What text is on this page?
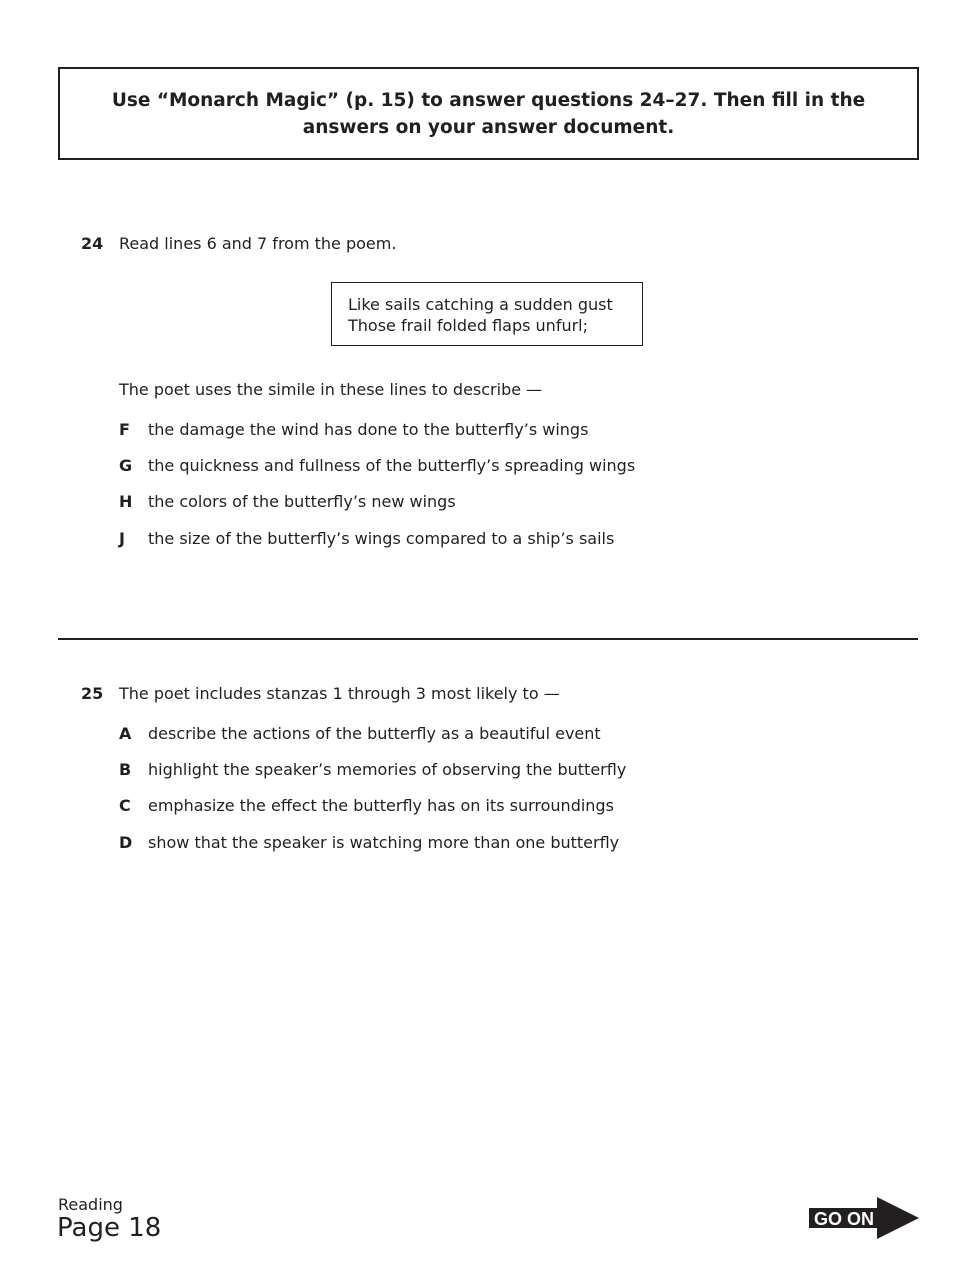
Use “Monarch Magic” (p. 15) to answer questions 24–27. Then fill in the
answers on your answer document.
24 Read lines 6 and 7 from the poem.
Like sails catching a sudden gust
Those frail folded flaps unfurl;
The poet uses the simile in these lines to describe —
F the damage the wind has done to the butterfly’s wings
G the quickness and fullness of the butterfly’s spreading wings
H the colors of the butterfly’s new wings
J the size of the butterfly’s wings compared to a ship’s sails
25 The poet includes stanzas 1 through 3 most likely to —
A describe the actions of the butterfly as a beautiful event
B highlight the speaker’s memories of observing the butterfly
C emphasize the effect the butterfly has on its surroundings
D show that the speaker is watching more than one butterfly
Reading
Page 18	GO ON
